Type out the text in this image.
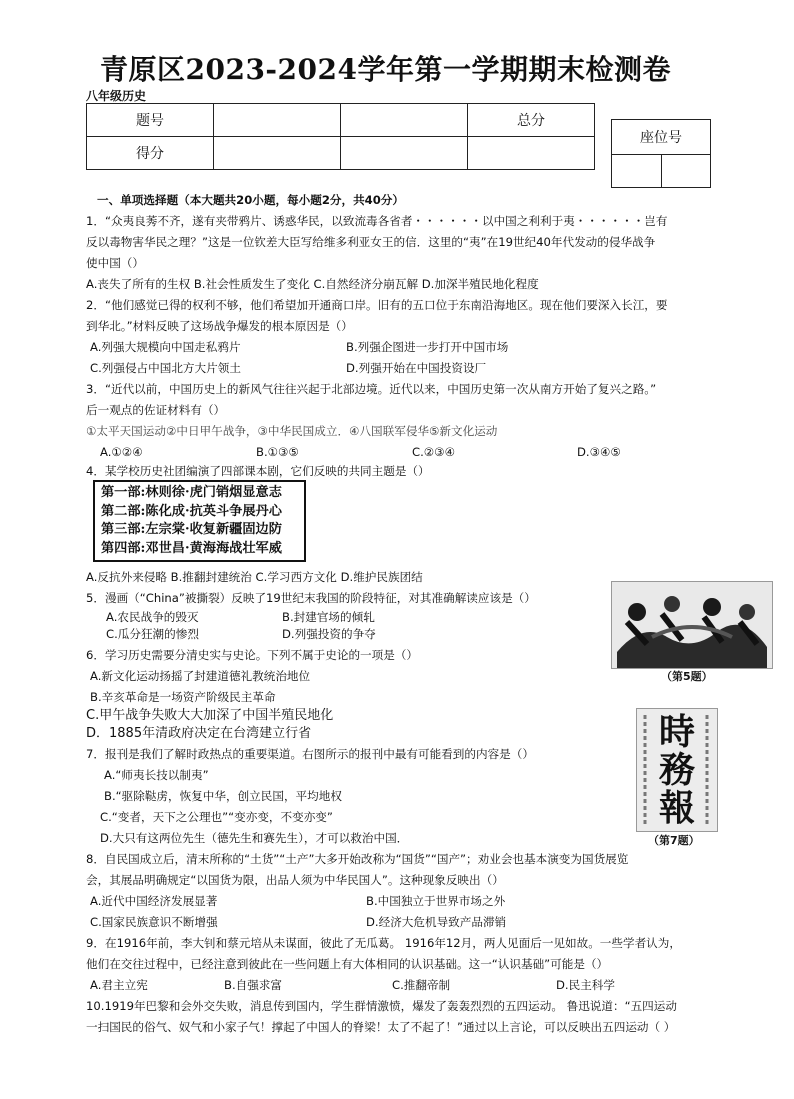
青原区2023-2024学年第一学期期末检测卷
八年级历史
题号			总分
得分			
座位号

一、单项选择题（本大题共20小题，每小题2分，共40分）
1．“众夷良莠不齐，遂有夹带鸦片、诱惑华民，以致流毒各省者・・・・・・以中国之利利于夷・・・・・・岂有
反以毒物害华民之理？”这是一位钦差大臣写给维多利亚女王的信．这里的“夷”在19世纪40年代发动的侵华战争
使中国（）
A.丧失了所有的生权 B.社会性质发生了变化 C.自然经济分崩瓦解 D.加深半殖民地化程度
2．“他们感觉已得的权利不够，他们希望加开通商口岸。旧有的五口位于东南沿海地区。现在他们要深入长江，要
到华北。”材料反映了这场战争爆发的根本原因是（）
A.列强大规模向中国走私鸦片	B.列强企图进一步打开中国市场
C.列强侵占中国北方大片领土	D.列强开始在中国投资设厂
3．“近代以前，中国历史上的新风气往往兴起于北部边境。近代以来，中国历史第一次从南方开始了复兴之路。”
后一观点的佐证材料有（）
①太平天国运动②中日甲午战争，③中华民国成立．④八国联军侵华⑤新文化运动
A.①②④	B.①③⑤	C.②③④	D.③④⑤
4．某学校历史社团编演了四部课本剧，它们反映的共同主题是（）
第一部:林则徐·虎门销烟显意志
第二部:陈化成·抗英斗争展丹心
第三部:左宗棠·收复新疆固边防
第四部:邓世昌·黄海海战壮军威
A.反抗外来侵略 B.推翻封建统治 C.学习西方文化 D.维护民族团结
5．漫画（“China”被撕裂）反映了19世纪末我国的阶段特征，对其准确解读应该是（）
A.农民战争的毁灭	B.封建官场的倾轧
C.瓜分狂潮的惨烈	D.列强投资的争夺
（第5题）
6．学习历史需要分清史实与史论。下列不属于史论的一项是（）
A.新文化运动扬摇了封建道德礼教统治地位
B.辛亥革命是一场资产阶级民主革命
C.甲午战争失败大大加深了中国半殖民地化
D．1885年清政府决定在台湾建立行省	時務報
（第7题）
7．报刊是我们了解时政热点的重要渠道。右图所示的报刊中最有可能看到的内容是（）
A.“师夷长技以制夷”
B.“驱除鞑虏，恢复中华，创立民国，平均地权
C.“变者，天下之公理也”“变亦变，不变亦变”
D.大只有这两位先生（德先生和赛先生），才可以救治中国．
8．自民国成立后，清末所称的“土货”“土产”大多开始改称为“国货”“国产”；劝业会也基本演变为国货展览
会，其展品明确规定“以国货为限，出品人须为中华民国人”。这种现象反映出（）
A.近代中国经济发展显著	B.中国独立于世界市场之外
C.国家民族意识不断增强	D.经济大危机导致产品滞销
9．在1916年前，李大钊和蔡元培从未谋面，彼此了无瓜葛。 1916年12月，两人见面后一见如故。一些学者认为，
他们在交往过程中，已经注意到彼此在一些问题上有大体相同的认识基础。这一“认识基础”可能是（）
A.君主立宪	B.自强求富	C.推翻帝制	D.民主科学
10.1919年巴黎和会外交失败，消息传到国内，学生群情激愤，爆发了轰轰烈烈的五四运动。 鲁迅说道：“五四运动
一扫国民的俗气、奴气和小家子气！撑起了中国人的脊梁！太了不起了！”通过以上言论，可以反映出五四运动（ ）
